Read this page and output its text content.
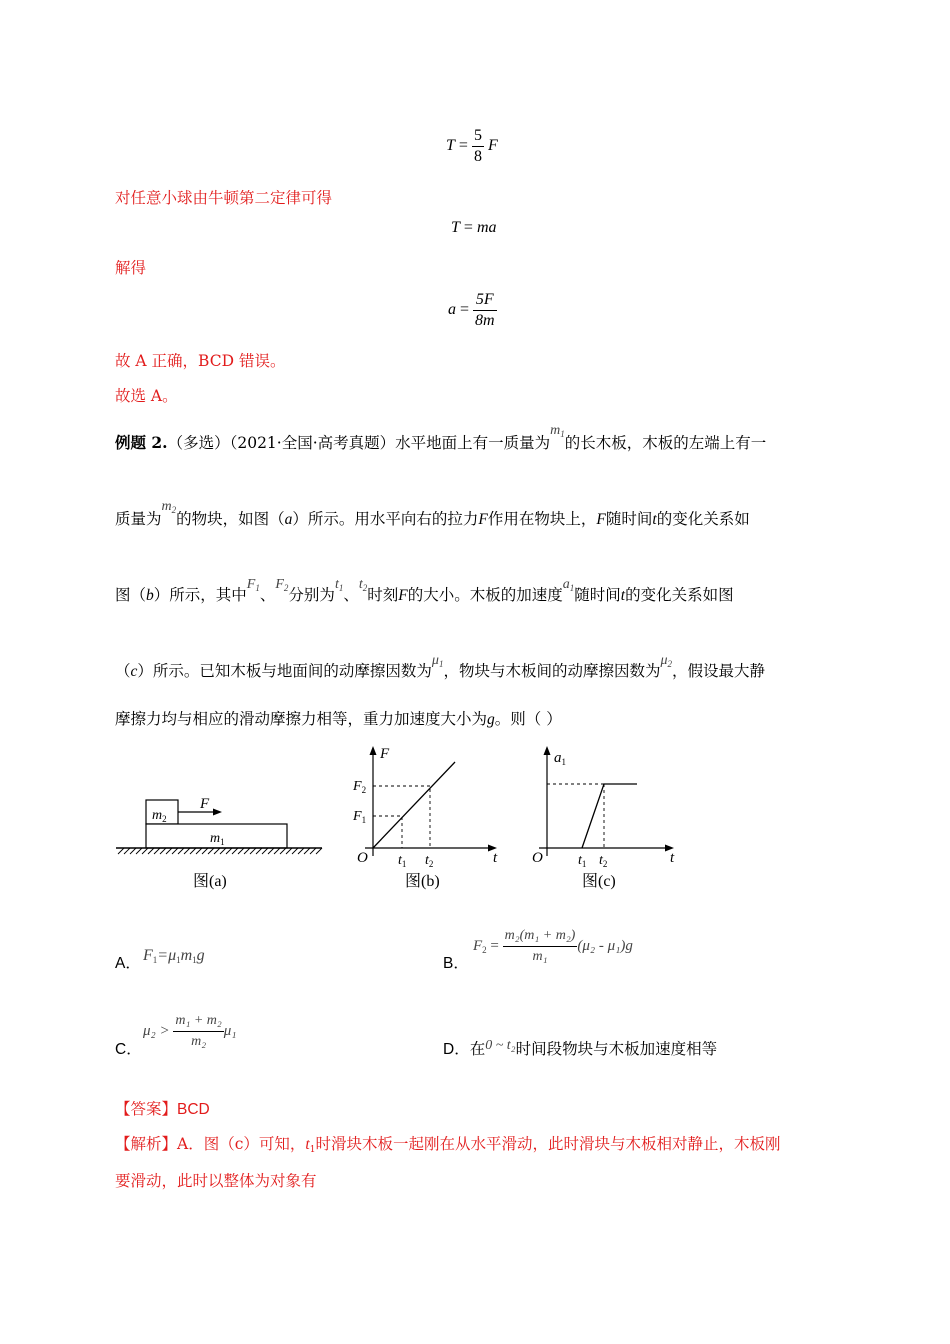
$T = \frac{5}{8}$ F
对任意小球由牛顿第二定律可得
T = ma
解得
$a = \frac{5F}{8m}$
故 A 正确，BCD 错误。
故选 A。
例题 2.（多选）（2021·全国·高考真题）水平地面上有一质量为$m_1$的长木板，木板的左端上有一
质量为$m_2$的物块，如图（a）所示。用水平向右的拉力F作用在物块上，F随时间t的变化关系如
图（b）所示，其中$F_1$、$F_2$分别为$t_1$、$t_2$时刻F的大小。木板的加速度$a_1$随时间t的变化关系如图
（c）所示。已知木板与地面间的动摩擦因数为$\mu_1$，物块与木板间的动摩擦因数为$\mu_2$，假设最大静
摩擦力均与相应的滑动摩擦力相等，重力加速度大小为g。则（ ）
F
$m_2$
$m_1$
图(a)
F
t
O
$F_2$
$F_1$
$t_1$ $t_2$
图(b)
$a_1$
t
O	$t_1$ $t_2$
图(c)
A． F1=μ1m1g	B．
$F_2 = \frac{\text{m₂(m₁ + m₂)}}{\text{m₁}} (\mu_2 - \mu_1)g$
C．
$\mu_2 > \frac{\text{m₁ + m₂}}{\text{m₂}} \mu_1$
D．在0 ~ t₂时间段物块与木板加速度相等
【答案】BCD
【解析】A．图（c）可知，t1时滑块木板一起刚在从水平滑动，此时滑块与木板相对静止，木板刚
要滑动，此时以整体为对象有
